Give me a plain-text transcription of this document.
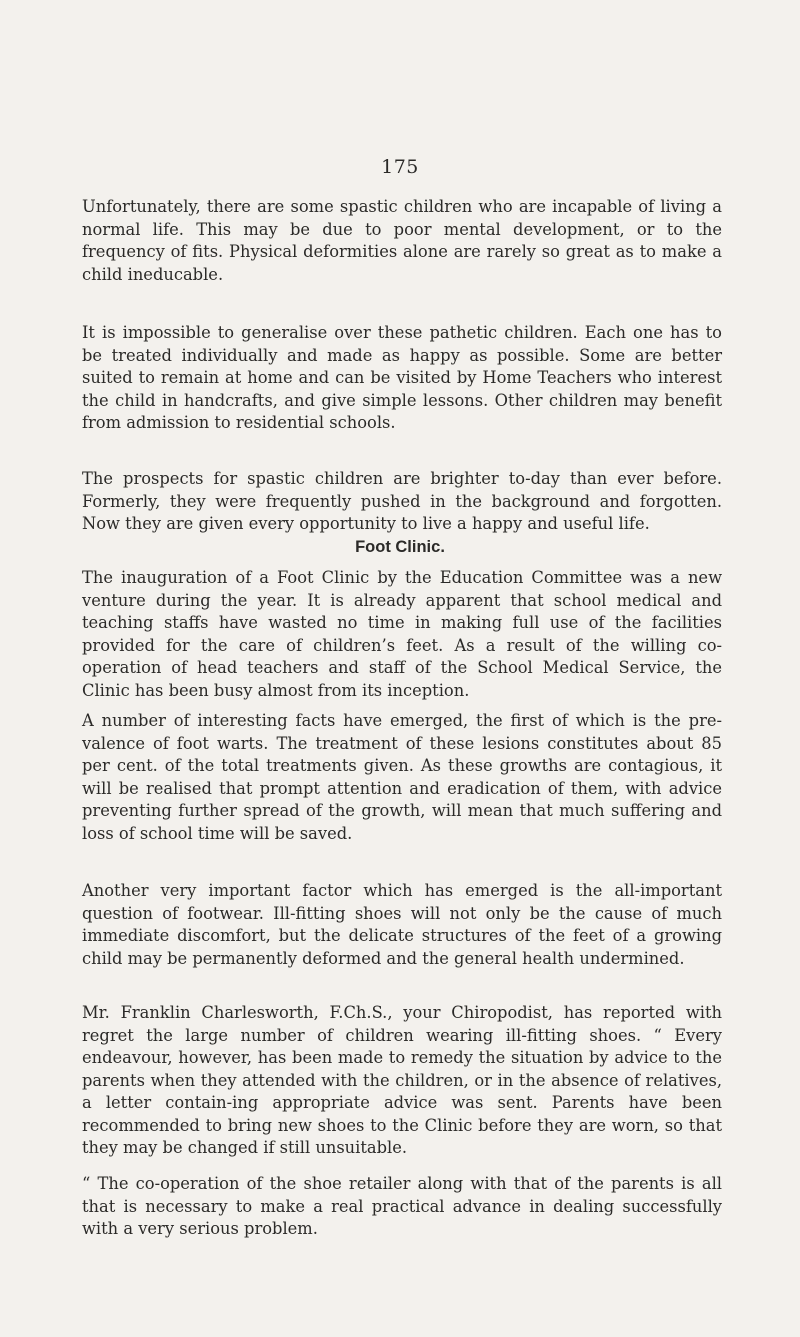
175

Unfortunately, there are some spastic children who are incapable of living a normal life. This may be due to poor mental development, or to the frequency of fits. Physical deformities alone are rarely so great as to make a child ineducable.

It is impossible to generalise over these pathetic children. Each one has to be treated individually and made as happy as possible. Some are better suited to remain at home and can be visited by Home Teachers who interest the child in handcrafts, and give simple lessons. Other children may benefit from admission to residential schools.

The prospects for spastic children are brighter to-day than ever before. Formerly, they were frequently pushed in the background and forgotten. Now they are given every opportunity to live a happy and useful life.

Foot Clinic.

The inauguration of a Foot Clinic by the Education Committee was a new venture during the year. It is already apparent that school medical and teaching staffs have wasted no time in making full use of the facilities provided for the care of children’s feet. As a result of the willing co-operation of head teachers and staff of the School Medical Service, the Clinic has been busy almost from its inception.

A number of interesting facts have emerged, the first of which is the pre-valence of foot warts. The treatment of these lesions constitutes about 85 per cent. of the total treatments given. As these growths are contagious, it will be realised that prompt attention and eradication of them, with advice preventing further spread of the growth, will mean that much suffering and loss of school time will be saved.

Another very important factor which has emerged is the all-important question of footwear. Ill-fitting shoes will not only be the cause of much immediate discomfort, but the delicate structures of the feet of a growing child may be permanently deformed and the general health undermined.

Mr. Franklin Charlesworth, F.Ch.S., your Chiropodist, has reported with regret the large number of children wearing ill-fitting shoes. “ Every endeavour, however, has been made to remedy the situation by advice to the parents when they attended with the children, or in the absence of relatives, a letter contain-ing appropriate advice was sent. Parents have been recommended to bring new shoes to the Clinic before they are worn, so that they may be changed if still unsuitable.

“ The co-operation of the shoe retailer along with that of the parents is all that is necessary to make a real practical advance in dealing successfully with a very serious problem.
